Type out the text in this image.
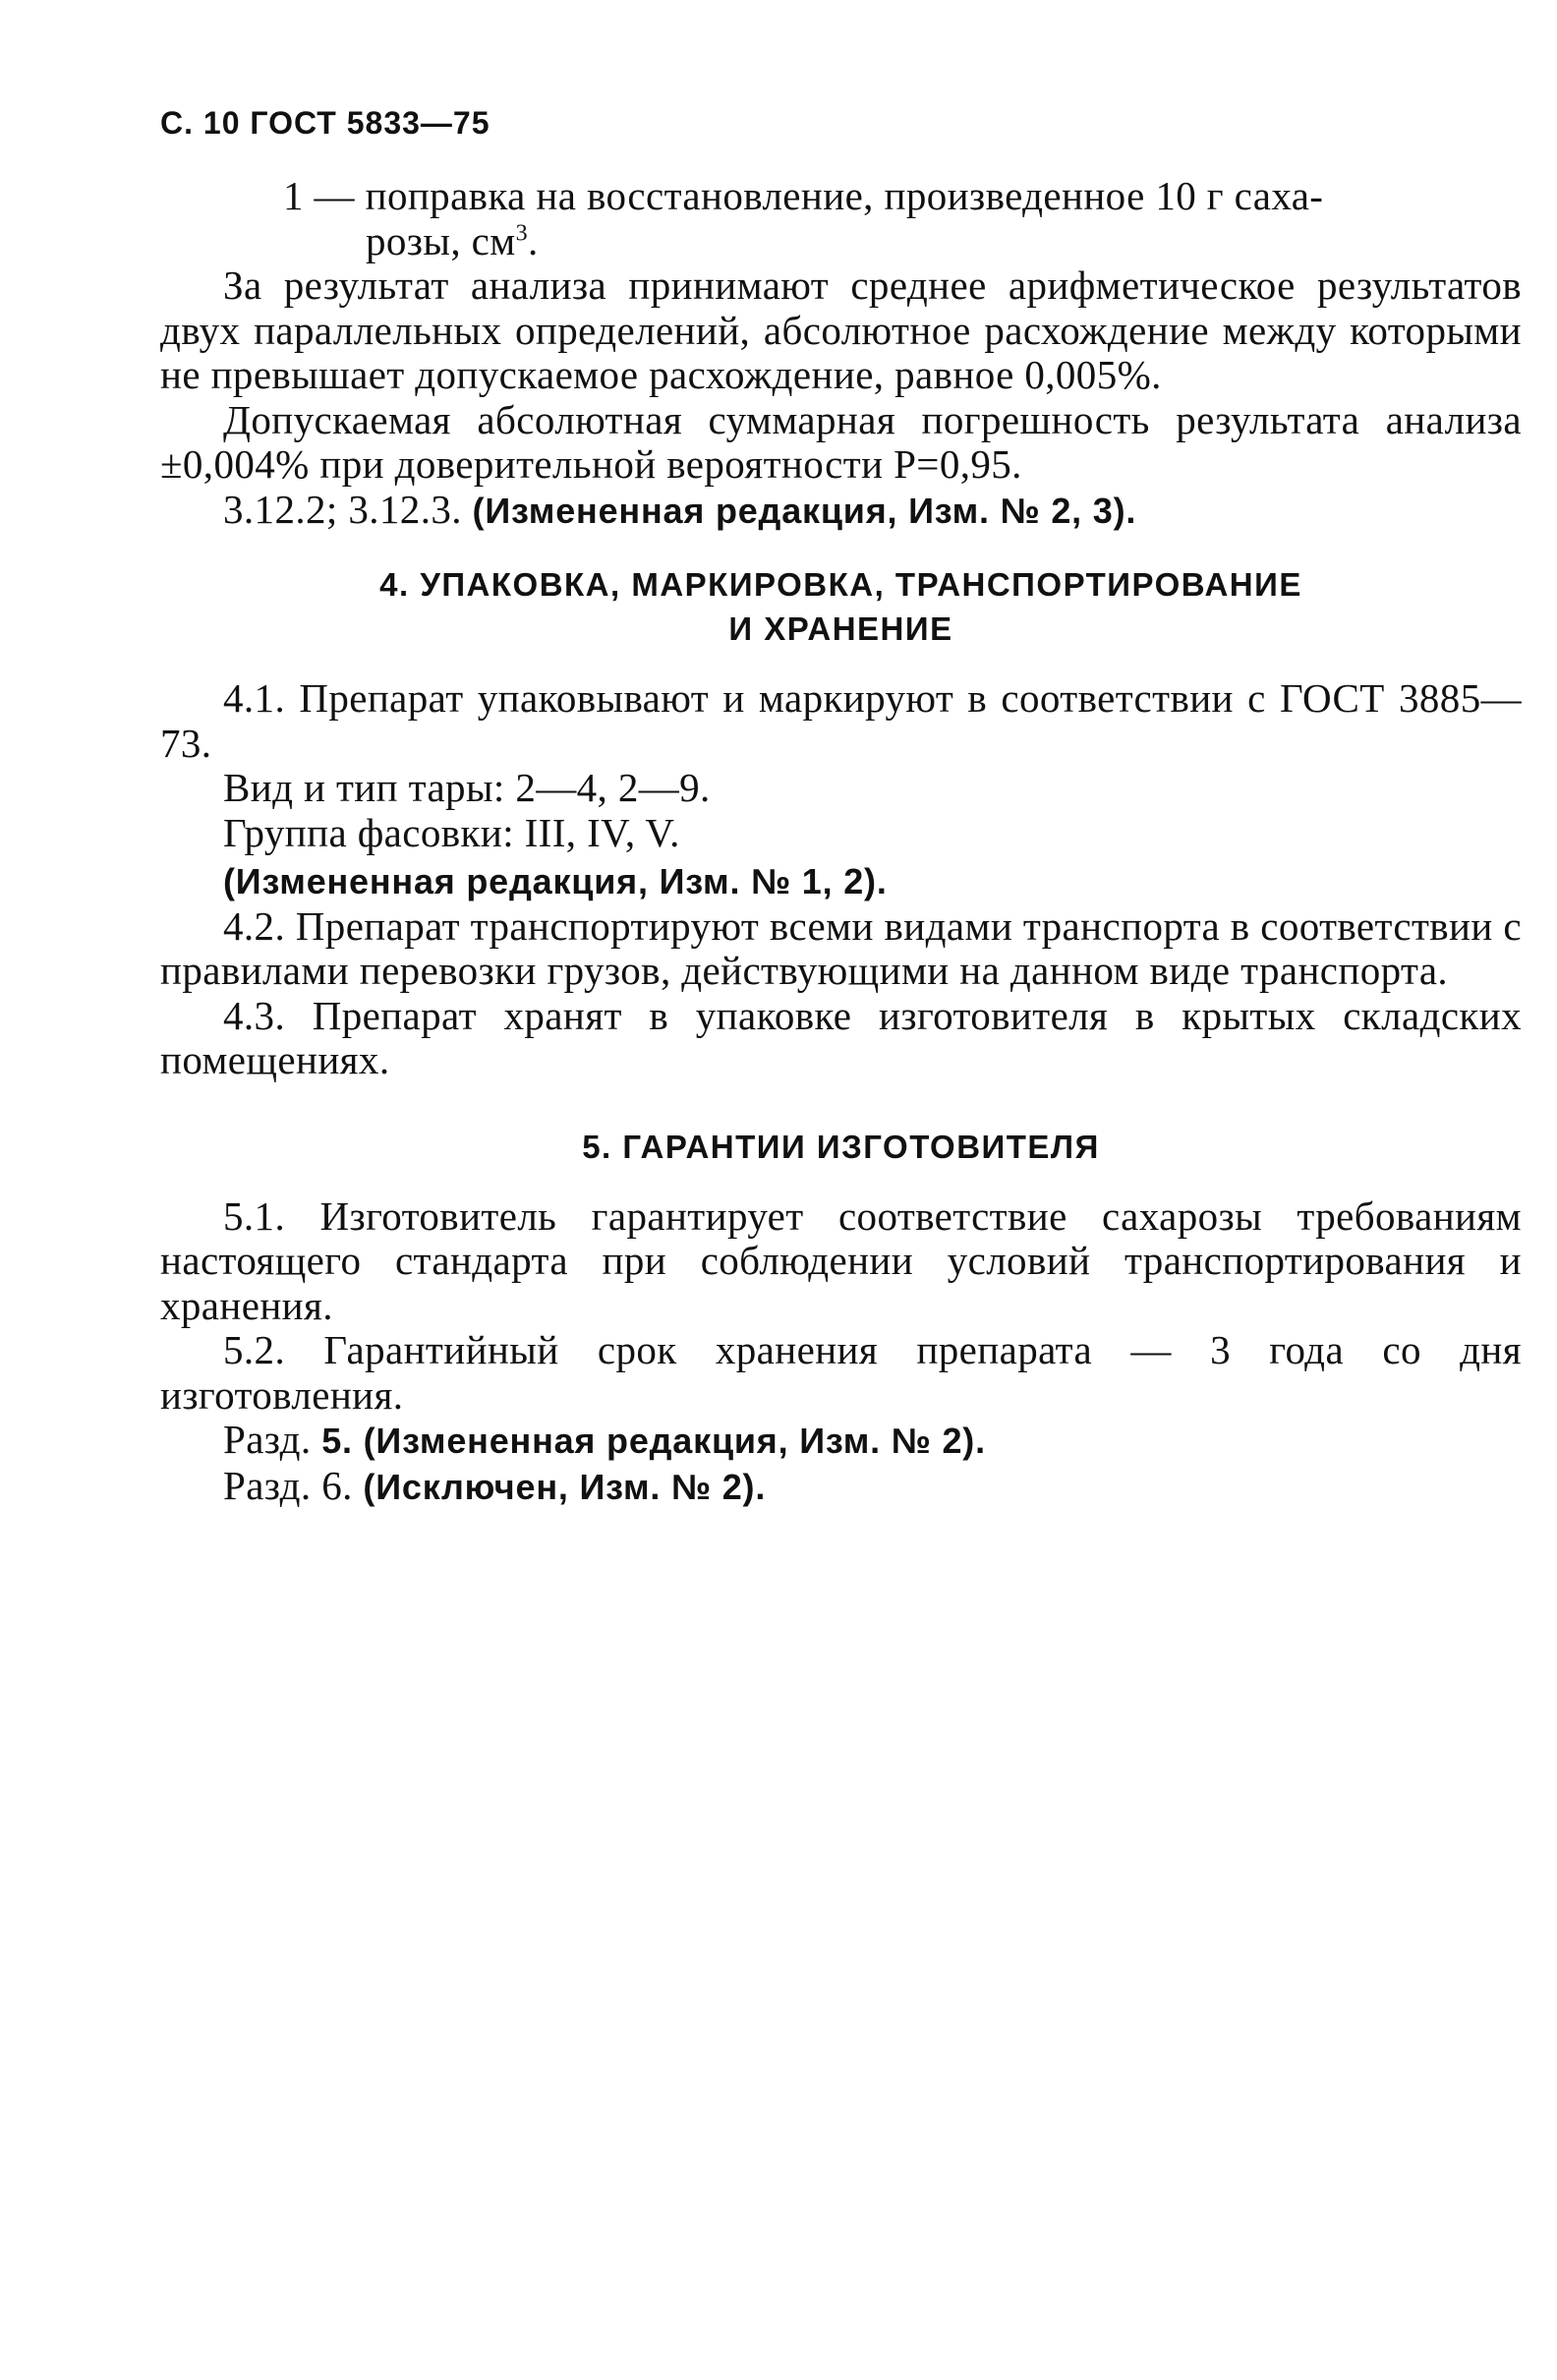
С. 10 ГОСТ 5833—75

1 — поправка на восстановление, произведенное 10 г саха-
розы, $см^3$.

За результат анализа принимают среднее арифметическое результатов двух параллельных определений, абсолютное расхождение между которыми не превышает допускаемое расхождение, равное 0,005%.

Допускаемая абсолютная суммарная погрешность результата анализа ±0,004% при доверительной вероятности P=0,95.

3.12.2; 3.12.3. (Измененная редакция, Изм. № 2, 3).

4. УПАКОВКА, МАРКИРОВКА, ТРАНСПОРТИРОВАНИЕ
И ХРАНЕНИЕ

4.1. Препарат упаковывают и маркируют в соответствии с ГОСТ 3885—73.

Вид и тип тары: 2—4, 2—9.

Группа фасовки: III, IV, V.

(Измененная редакция, Изм. № 1, 2).

4.2. Препарат транспортируют всеми видами транспорта в соответствии с правилами перевозки грузов, действующими на данном виде транспорта.

4.3. Препарат хранят в упаковке изготовителя в крытых складских помещениях.

5. ГАРАНТИИ ИЗГОТОВИТЕЛЯ

5.1. Изготовитель гарантирует соответствие сахарозы требованиям настоящего стандарта при соблюдении условий транспортирования и хранения.

5.2. Гарантийный срок хранения препарата — 3 года со дня изготовления.

Разд. 5. (Измененная редакция, Изм. № 2).

Разд. 6. (Исключен, Изм. № 2).
